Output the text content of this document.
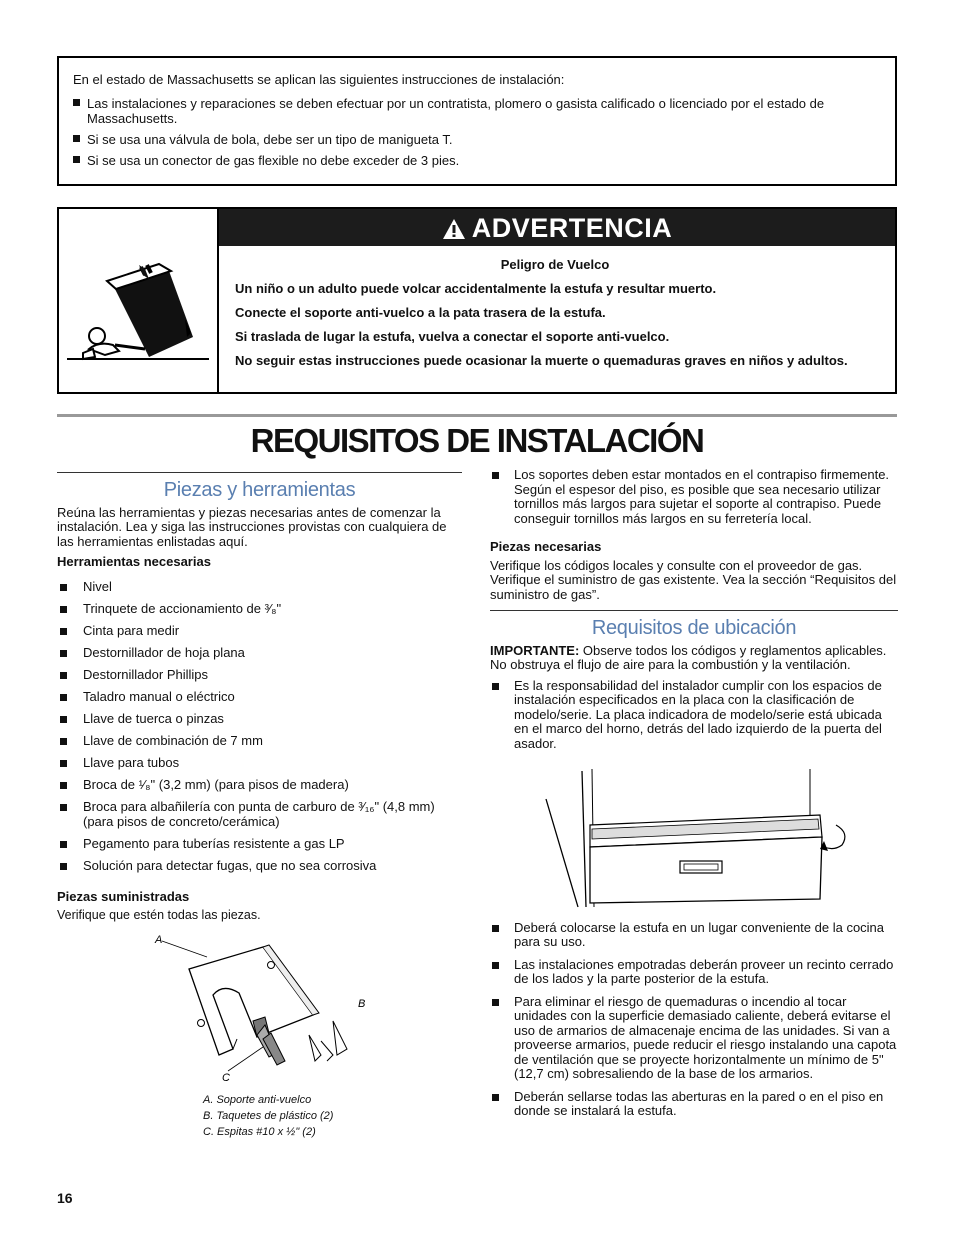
En el estado de Massachusetts se aplican las siguientes instrucciones de instalación:
Las instalaciones y reparaciones se deben efectuar por un contratista, plomero o gasista calificado o licenciado por el estado de Massachusetts.
Si se usa una válvula de bola, debe ser un tipo de manigueta T.
Si se usa un conector de gas flexible no debe exceder de 3 pies.
ADVERTENCIA

Peligro de Vuelco

Un niño o un adulto puede volcar accidentalmente la estufa y resultar muerto.

Conecte el soporte anti-vuelco a la pata trasera de la estufa.

Si traslada de lugar la estufa, vuelva a conectar el soporte anti-vuelco.

No seguir estas instrucciones puede ocasionar la muerte o quemaduras graves en niños y adultos.

REQUISITOS DE INSTALACIÓN
Piezas y herramientas

Reúna las herramientas y piezas necesarias antes de comenzar la instalación. Lea y siga las instrucciones provistas con cualquiera de las herramientas enlistadas aquí.

Herramientas necesarias

Nivel
Trinquete de accionamiento de ³⁄₈"
Cinta para medir
Destornillador de hoja plana
Destornillador Phillips
Taladro manual o eléctrico
Llave de tuerca o pinzas
Llave de combinación de 7 mm
Llave para tubos
Broca de ¹⁄₈" (3,2 mm) (para pisos de madera)
Broca para albañilería con punta de carburo de ³⁄₁₆" (4,8 mm) (para pisos de concreto/cerámica)
Pegamento para tuberías resistente a gas LP
Solución para detectar fugas, que no sea corrosiva

Piezas suministradas

Verifique que estén todas las piezas.

A
B
C
A. Soporte anti-vuelco
B. Taquetes de plástico (2)
C. Espitas #10 x ½" (2)
Los soportes deben estar montados en el contrapiso firmemente. Según el espesor del piso, es posible que sea necesario utilizar tornillos más largos para sujetar el soporte al contrapiso. Puede conseguir tornillos más largos en su ferretería local.

Piezas necesarias

Verifique los códigos locales y consulte con el proveedor de gas. Verifique el suministro de gas existente. Vea la sección “Requisitos del suministro de gas”.

Requisitos de ubicación

IMPORTANTE: Observe todos los códigos y reglamentos aplicables. No obstruya el flujo de aire para la combustión y la ventilación.

Es la responsabilidad del instalador cumplir con los espacios de instalación especificados en la placa con la clasificación de modelo/serie. La placa indicadora de modelo/serie está ubicada en el marco del horno, detrás del lado izquierdo de la puerta del asador.
Deberá colocarse la estufa en un lugar conveniente de la cocina para su uso.
Las instalaciones empotradas deberán proveer un recinto cerrado de los lados y la parte posterior de la estufa.
Para eliminar el riesgo de quemaduras o incendio al tocar unidades con la superficie demasiado caliente, deberá evitarse el uso de armarios de almacenaje encima de las unidades. Si van a proveerse armarios, puede reducir el riesgo instalando una capota de ventilación que se proyecte horizontalmente un mínimo de 5" (12,7 cm) sobresaliendo de la base de los armarios.
Deberán sellarse todas las aberturas en la pared o en el piso en donde se instalará la estufa.
16
